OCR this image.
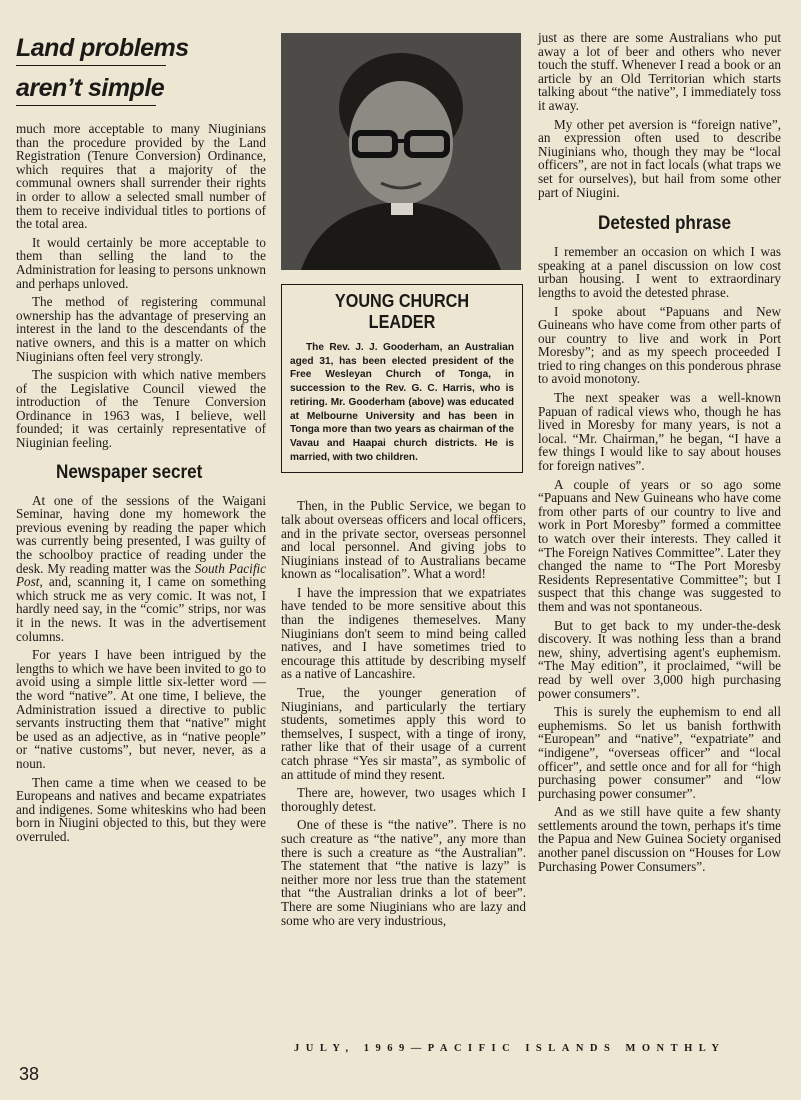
Land problems
aren’t simple

much more acceptable to many Niuginians than the procedure provided by the Land Registration (Tenure Conversion) Ordinance, which requires that a majority of the communal owners shall surrender their rights in order to allow a selected small number of them to receive individual titles to portions of the total area.

It would certainly be more acceptable to them than selling the land to the Administration for leasing to persons unknown and perhaps unloved.

The method of registering communal ownership has the advantage of preserving an interest in the land to the descendants of the native owners, and this is a matter on which Niuginians often feel very strongly.

The suspicion with which native members of the Legislative Council viewed the introduction of the Tenure Conversion Ordinance in 1963 was, I believe, well founded; it was certainly representative of Niuginian feeling.

Newspaper secret

At one of the sessions of the Waigani Seminar, having done my homework the previous evening by reading the paper which was currently being presented, I was guilty of the schoolboy practice of reading under the desk. My reading matter was the South Pacific Post, and, scanning it, I came on something which struck me as very comic. It was not, I hardly need say, in the “comic” strips, nor was it in the news. It was in the advertisement columns.

For years I have been intrigued by the lengths to which we have been invited to go to avoid using a simple little six-letter word — the word “native”. At one time, I believe, the Administration issued a directive to public servants instructing them that “native” might be used as an adjective, as in “native people” or “native customs”, but never, never, as a noun.

Then came a time when we ceased to be Europeans and natives and became expatriates and indigenes. Some whiteskins who had been born in Niugini objected to this, but they were overruled.

YOUNG CHURCH LEADER

The Rev. J. J. Gooderham, an Australian aged 31, has been elected president of the Free Wesleyan Church of Tonga, in succession to the Rev. G. C. Harris, who is retiring. Mr. Gooderham (above) was educated at Melbourne University and has been in Tonga more than two years as chairman of the Vavau and Haapai church districts. He is married, with two children.

Then, in the Public Service, we began to talk about overseas officers and local officers, and in the private sector, overseas personnel and local personnel. And giving jobs to Niuginians instead of to Australians became known as “localisation”. What a word!

I have the impression that we expatriates have tended to be more sensitive about this than the indigenes themeselves. Many Niuginians don't seem to mind being called natives, and I have sometimes tried to encourage this attitude by describing myself as a native of Lancashire.

True, the younger generation of Niuginians, and particularly the tertiary students, sometimes apply this word to themselves, I suspect, with a tinge of irony, rather like that of their usage of a current catch phrase “Yes sir masta”, as symbolic of an attitude of mind they resent.

There are, however, two usages which I thoroughly detest.

One of these is “the native”. There is no such creature as “the native”, any more than there is such a creature as “the Australian”. The statement that “the native is lazy” is neither more nor less true than the statement that “the Australian drinks a lot of beer”. There are some Niuginians who are lazy and some who are very industrious,

just as there are some Australians who put away a lot of beer and others who never touch the stuff. Whenever I read a book or an article by an Old Territorian which starts talking about “the native”, I immediately toss it away.

My other pet aversion is “foreign native”, an expression often used to describe Niuginians who, though they may be “local officers”, are not in fact locals (what traps we set for ourselves), but hail from some other part of Niugini.

Detested phrase

I remember an occasion on which I was speaking at a panel discussion on low cost urban housing. I went to extraordinary lengths to avoid the detested phrase.

I spoke about “Papuans and New Guineans who have come from other parts of our country to live and work in Port Moresby”; and as my speech proceeded I tried to ring changes on this ponderous phrase to avoid monotony.

The next speaker was a well-known Papuan of radical views who, though he has lived in Moresby for many years, is not a local. “Mr. Chairman,” he began, “I have a few things I would like to say about houses for foreign natives”.

A couple of years or so ago some “Papuans and New Guineans who have come from other parts of our country to live and work in Port Moresby” formed a committee to watch over their interests. They called it “The Foreign Natives Committee”. Later they changed the name to “The Port Moresby Residents Representative Committee”; but I suspect that this change was suggested to them and was not spontaneous.

But to get back to my under-the-desk discovery. It was nothing less than a brand new, shiny, advertising agent's euphemism. “The May edition”, it proclaimed, “will be read by well over 3,000 high purchasing power consumers”.

This is surely the euphemism to end all euphemisms. So let us banish forthwith “European” and “native”, “expatriate” and “indigene”, “overseas officer” and “local officer”, and settle once and for all for “high purchasing power consumer” and “low purchasing power consumer”.

And as we still have quite a few shanty settlements around the town, perhaps it's time the Papua and New Guinea Society organised another panel discussion on “Houses for Low Purchasing Power Consumers”.

38
JULY, 1969—PACIFIC ISLANDS MONTHLY
